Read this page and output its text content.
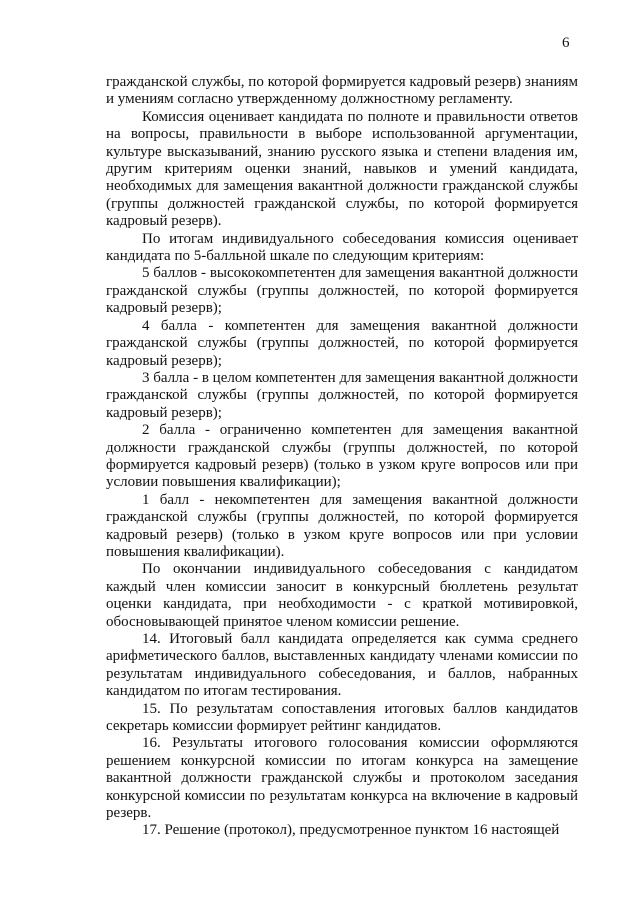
6

гражданской службы, по которой формируется кадровый резерв) знаниям и умениям согласно утвержденному должностному регламенту.

Комиссия оценивает кандидата по полноте и правильности ответов на вопросы, правильности в выборе использованной аргументации, культуре высказываний, знанию русского языка и степени владения им, другим критериям оценки знаний, навыков и умений кандидата, необходимых для замещения вакантной должности гражданской службы (группы должностей гражданской службы, по которой формируется кадровый резерв).

По итогам индивидуального собеседования комиссия оценивает кандидата по 5-балльной шкале по следующим критериям:

5 баллов - высококомпетентен для замещения вакантной должности гражданской службы (группы должностей, по которой формируется кадровый резерв);

4 балла - компетентен для замещения вакантной должности гражданской службы (группы должностей, по которой формируется кадровый резерв);

3 балла - в целом компетентен для замещения вакантной должности гражданской службы (группы должностей, по которой формируется кадровый резерв);

2 балла - ограниченно компетентен для замещения вакантной должности гражданской службы (группы должностей, по которой формируется кадровый резерв) (только в узком круге вопросов или при условии повышения квалификации);

1 балл - некомпетентен для замещения вакантной должности гражданской службы (группы должностей, по которой формируется кадровый резерв) (только в узком круге вопросов или при условии повышения квалификации).

По окончании индивидуального собеседования с кандидатом каждый член комиссии заносит в конкурсный бюллетень результат оценки кандидата, при необходимости - с краткой мотивировкой, обосновывающей принятое членом комиссии решение.

14. Итоговый балл кандидата определяется как сумма среднего арифметического баллов, выставленных кандидату членами комиссии по результатам индивидуального собеседования, и баллов, набранных кандидатом по итогам тестирования.

15. По результатам сопоставления итоговых баллов кандидатов секретарь комиссии формирует рейтинг кандидатов.

16. Результаты итогового голосования комиссии оформляются решением конкурсной комиссии по итогам конкурса на замещение вакантной должности гражданской службы и протоколом заседания конкурсной комиссии по результатам конкурса на включение в кадровый резерв.

17. Решение (протокол), предусмотренное пунктом 16 настоящей
